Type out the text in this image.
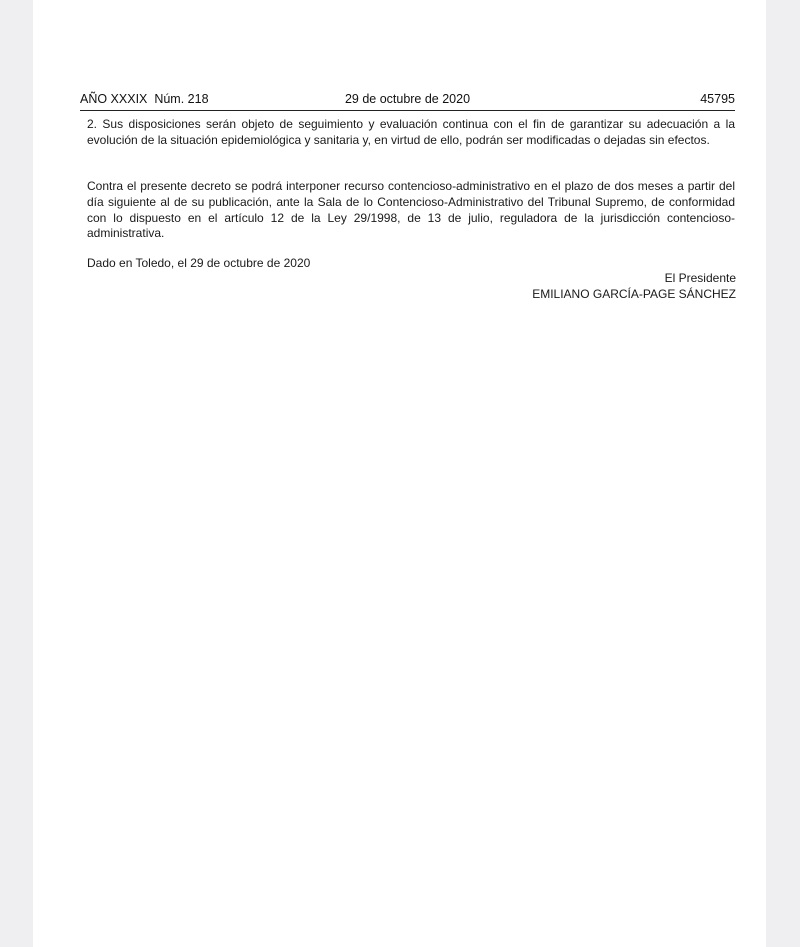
AÑO XXXIX  Núm. 218	29 de octubre de 2020	45795

2. Sus disposiciones serán objeto de seguimiento y evaluación continua con el fin de garantizar su adecuación a la evolución de la situación epidemiológica y sanitaria y, en virtud de ello, podrán ser modificadas o dejadas sin efectos.

Contra el presente decreto se podrá interponer recurso contencioso-administrativo en el plazo de dos meses a partir del día siguiente al de su publicación, ante la Sala de lo Contencioso-Administrativo del Tribunal Supremo, de conformidad con lo dispuesto en el artículo 12 de la Ley 29/1998, de 13 de julio, reguladora de la jurisdicción contencioso-administrativa.

Dado en Toledo, el 29 de octubre de 2020

El Presidente
EMILIANO GARCÍA-PAGE SÁNCHEZ
